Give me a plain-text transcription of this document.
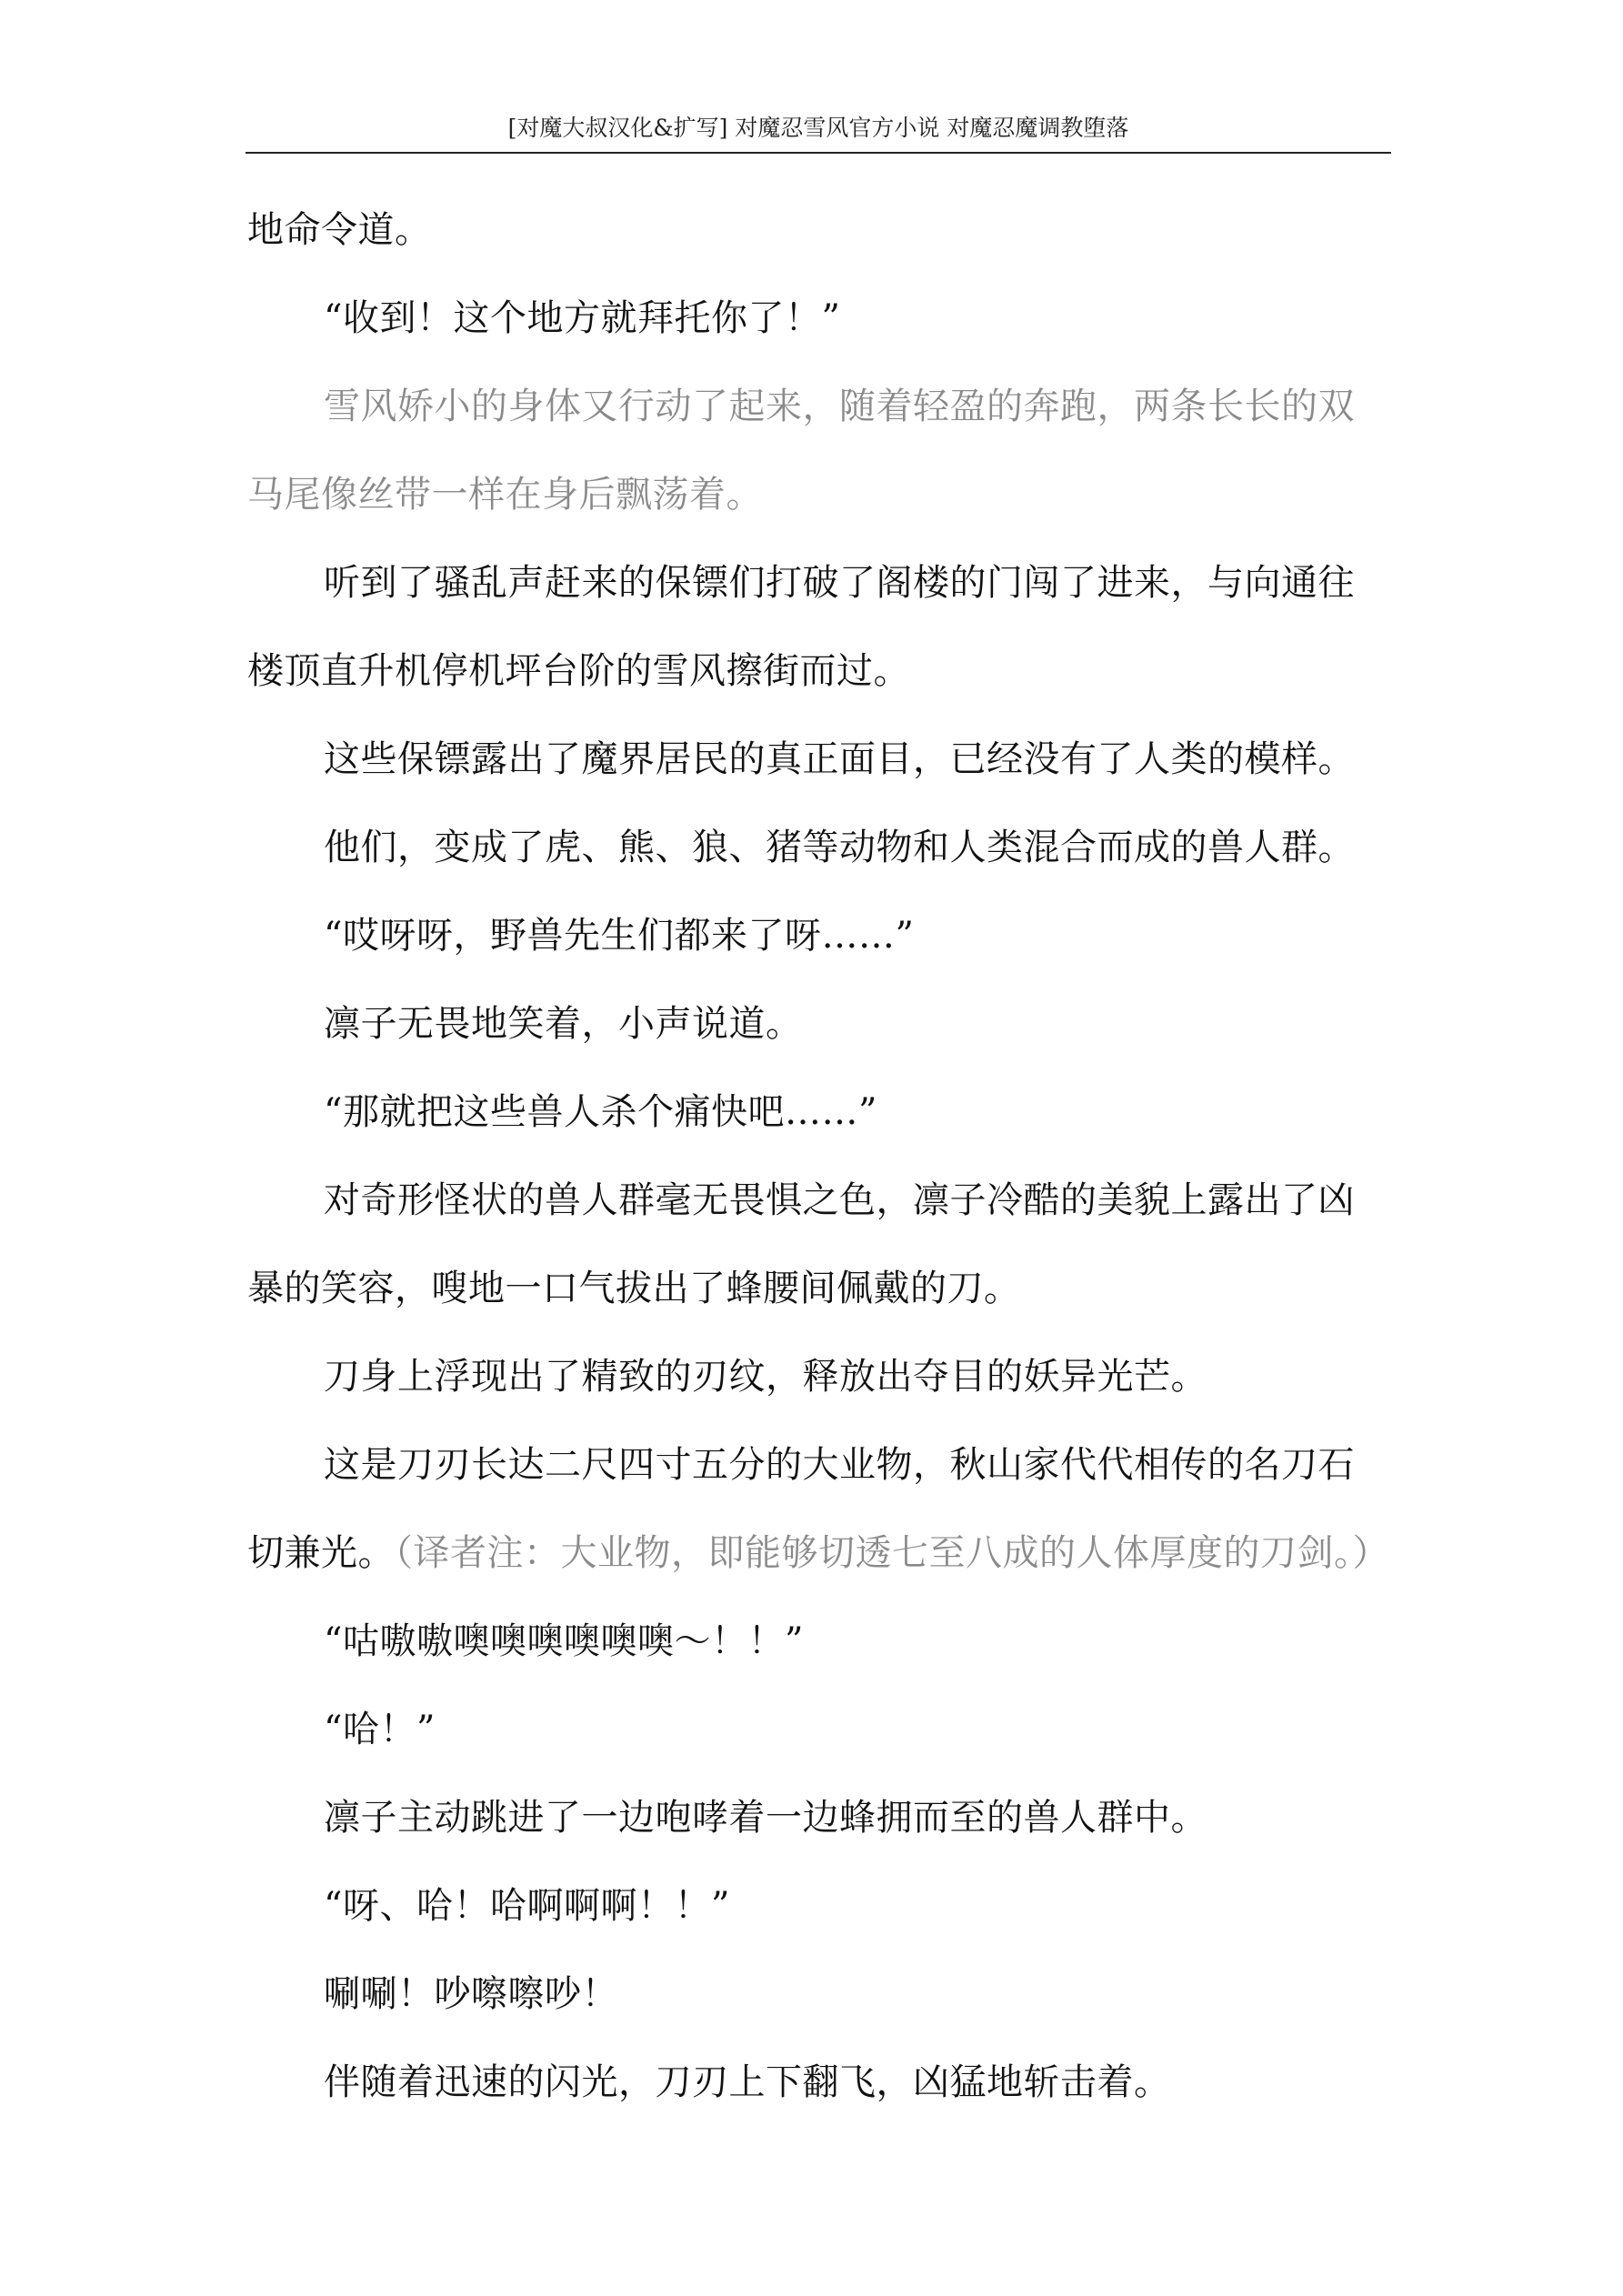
[对魔大叔汉化&扩写] 对魔忍雪风官方小说 对魔忍魔调教堕落
地命令道。
“收到！这个地方就拜托你了！”
雪风娇小的身体又行动了起来，随着轻盈的奔跑，两条长长的双
马尾像丝带一样在身后飘荡着。
听到了骚乱声赶来的保镖们打破了阁楼的门闯了进来，与向通往
楼顶直升机停机坪台阶的雪风擦街而过。
这些保镖露出了魔界居民的真正面目，已经没有了人类的模样。
他们，变成了虎、熊、狼、猪等动物和人类混合而成的兽人群。
“哎呀呀，野兽先生们都来了呀……”
凛子无畏地笑着，小声说道。
“那就把这些兽人杀个痛快吧……”
对奇形怪状的兽人群毫无畏惧之色，凛子冷酷的美貌上露出了凶
暴的笑容，嗖地一口气拔出了蜂腰间佩戴的刀。
刀身上浮现出了精致的刃纹，释放出夺目的妖异光芒。
这是刀刃长达二尺四寸五分的大业物，秋山家代代相传的名刀石
切兼光。（译者注：大业物，即能够切透七至八成的人体厚度的刀剑。）
“咕嗷嗷噢噢噢噢噢噢～！！”
“哈！”
凛子主动跳进了一边咆哮着一边蜂拥而至的兽人群中。
“呀、哈！哈啊啊啊！！”
唰唰！吵嚓嚓吵！
伴随着迅速的闪光，刀刃上下翻飞，凶猛地斩击着。
